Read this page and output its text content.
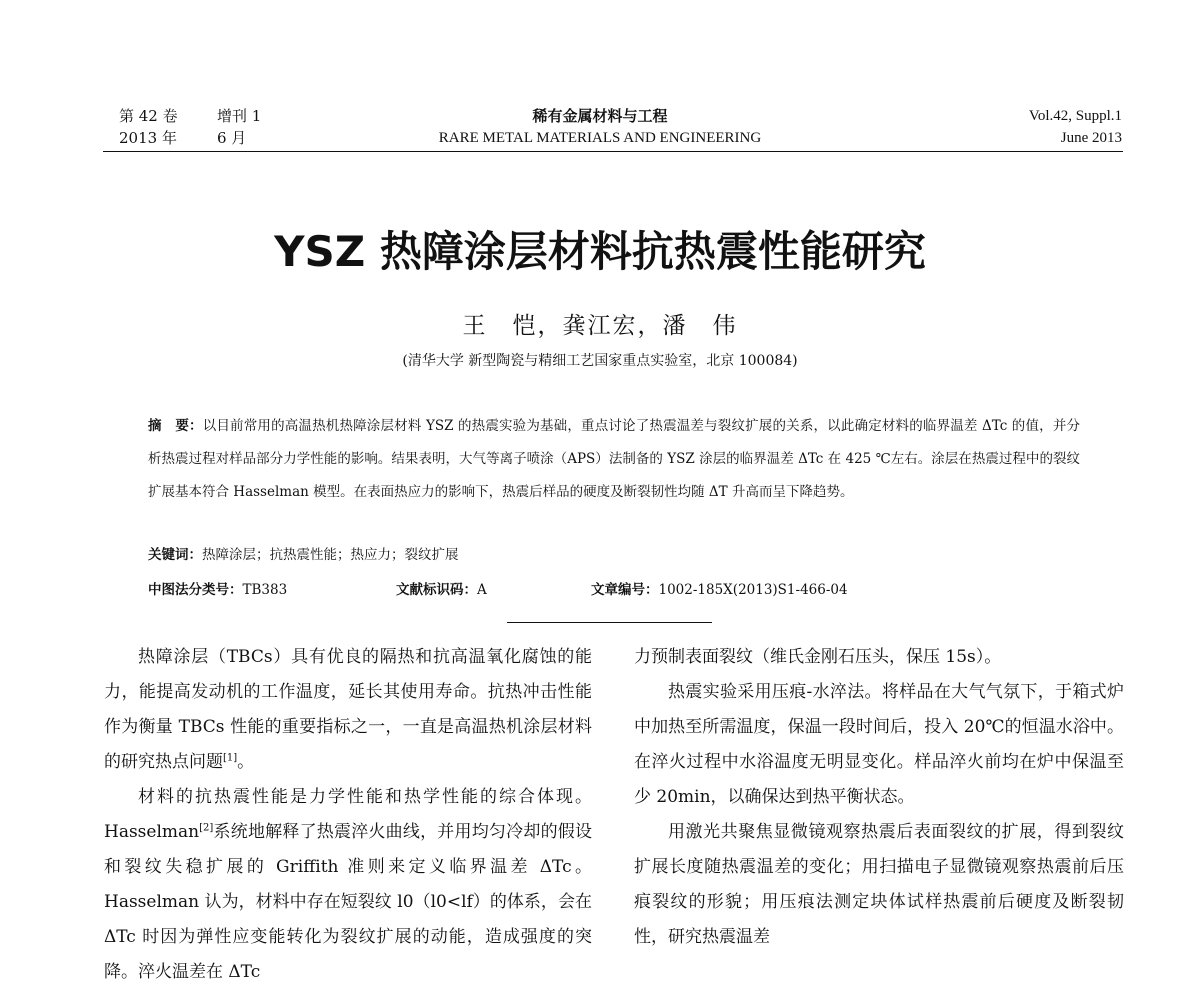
第 42 卷	增刊 1
2013 年	6 月
稀有金属材料与工程
RARE METAL MATERIALS AND ENGINEERING
Vol.42, Suppl.1
June 2013
YSZ 热障涂层材料抗热震性能研究
王　恺，龚江宏，潘　伟
(清华大学 新型陶瓷与精细工艺国家重点实验室，北京 100084)
摘　要：以目前常用的高温热机热障涂层材料 YSZ 的热震实验为基础，重点讨论了热震温差与裂纹扩展的关系，以此确定材料的临界温差 ΔTc 的值，并分析热震过程对样品部分力学性能的影响。结果表明，大气等离子喷涂（APS）法制备的 YSZ 涂层的临界温差 ΔTc 在 425 ℃左右。涂层在热震过程中的裂纹扩展基本符合 Hasselman 模型。在表面热应力的影响下，热震后样品的硬度及断裂韧性均随 ΔT 升高而呈下降趋势。
关键词：热障涂层；抗热震性能；热应力；裂纹扩展
中图法分类号：TB383	文献标识码：A	文章编号：1002-185X(2013)S1-466-04

热障涂层（TBCs）具有优良的隔热和抗高温氧化腐蚀的能力，能提高发动机的工作温度，延长其使用寿命。抗热冲击性能作为衡量 TBCs 性能的重要指标之一，一直是高温热机涂层材料的研究热点问题[1]。

材料的抗热震性能是力学性能和热学性能的综合体现。Hasselman[2]系统地解释了热震淬火曲线，并用均匀冷却的假设和裂纹失稳扩展的 Griffith 准则来定义临界温差 ΔTc。Hasselman 认为，材料中存在短裂纹 l0（l0<lf）的体系，会在 ΔTc 时因为弹性应变能转化为裂纹扩展的动能，造成强度的突降。淬火温差在 ΔTc

力预制表面裂纹（维氏金刚石压头，保压 15s）。

热震实验采用压痕-水淬法。将样品在大气气氛下，于箱式炉中加热至所需温度，保温一段时间后，投入 20℃的恒温水浴中。在淬火过程中水浴温度无明显变化。样品淬火前均在炉中保温至少 20min，以确保达到热平衡状态。

用激光共聚焦显微镜观察热震后表面裂纹的扩展，得到裂纹扩展长度随热震温差的变化；用扫描电子显微镜观察热震前后压痕裂纹的形貌；用压痕法测定块体试样热震前后硬度及断裂韧性，研究热震温差
